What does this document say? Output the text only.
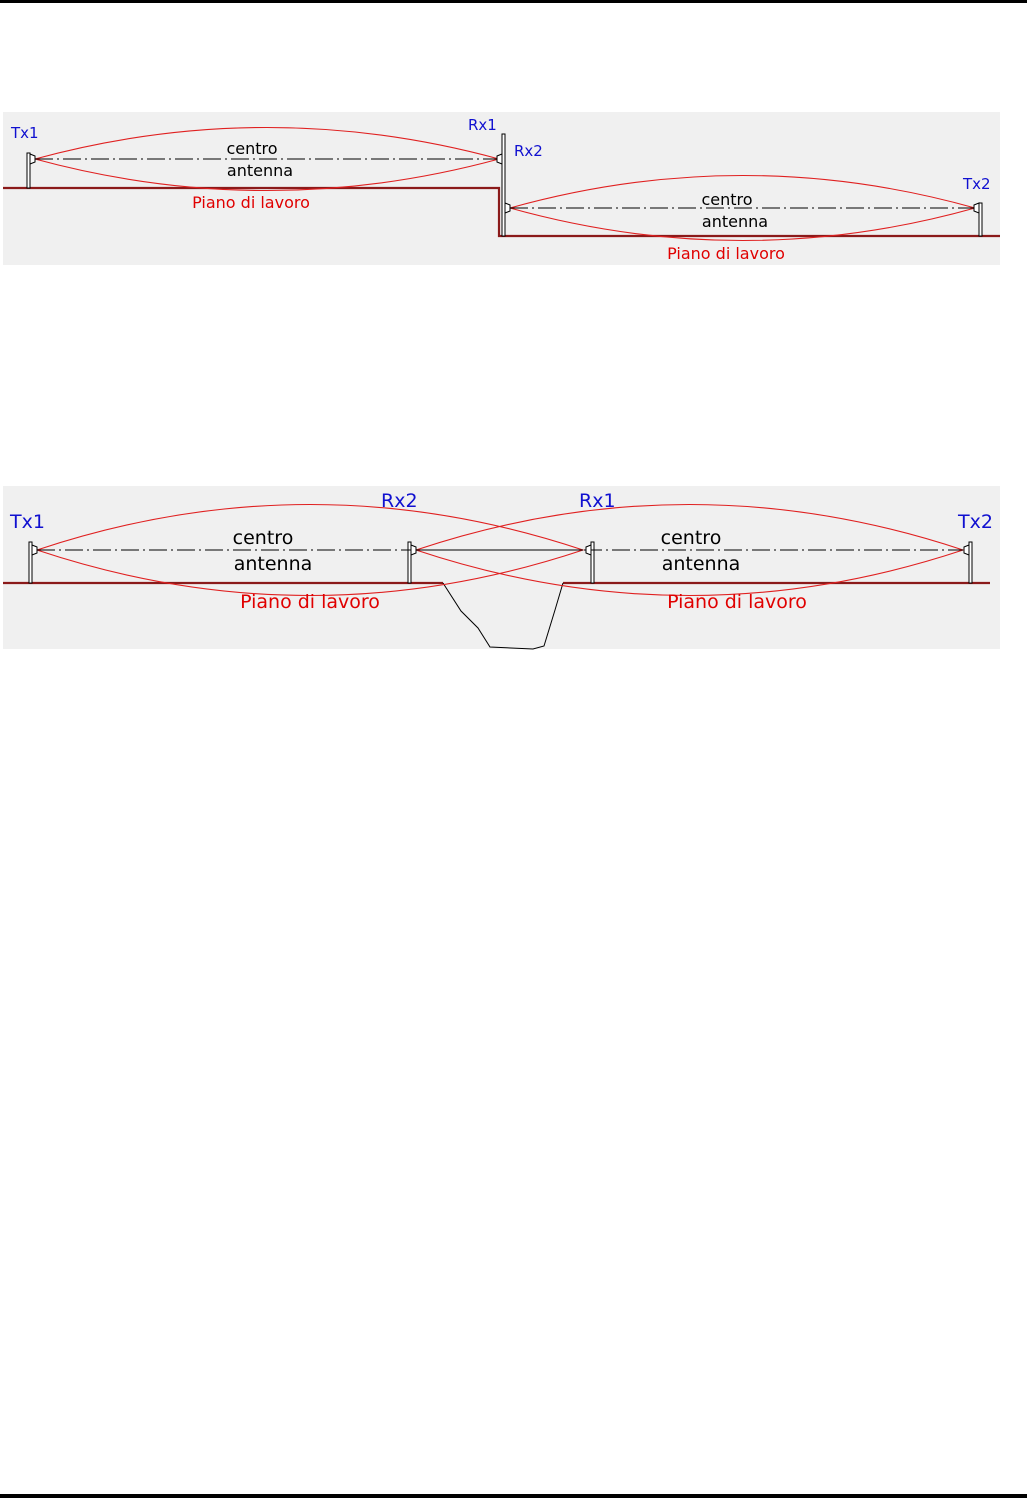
Tx1	Rx1
Rx2
Tx2
centro
antenna
centro
antenna
Piano di lavoro
Piano di lavoro
Tx1
Rx2	Rx1
Tx2
centro
antenna
centro
antenna
Piano di lavoro	Piano di lavoro
